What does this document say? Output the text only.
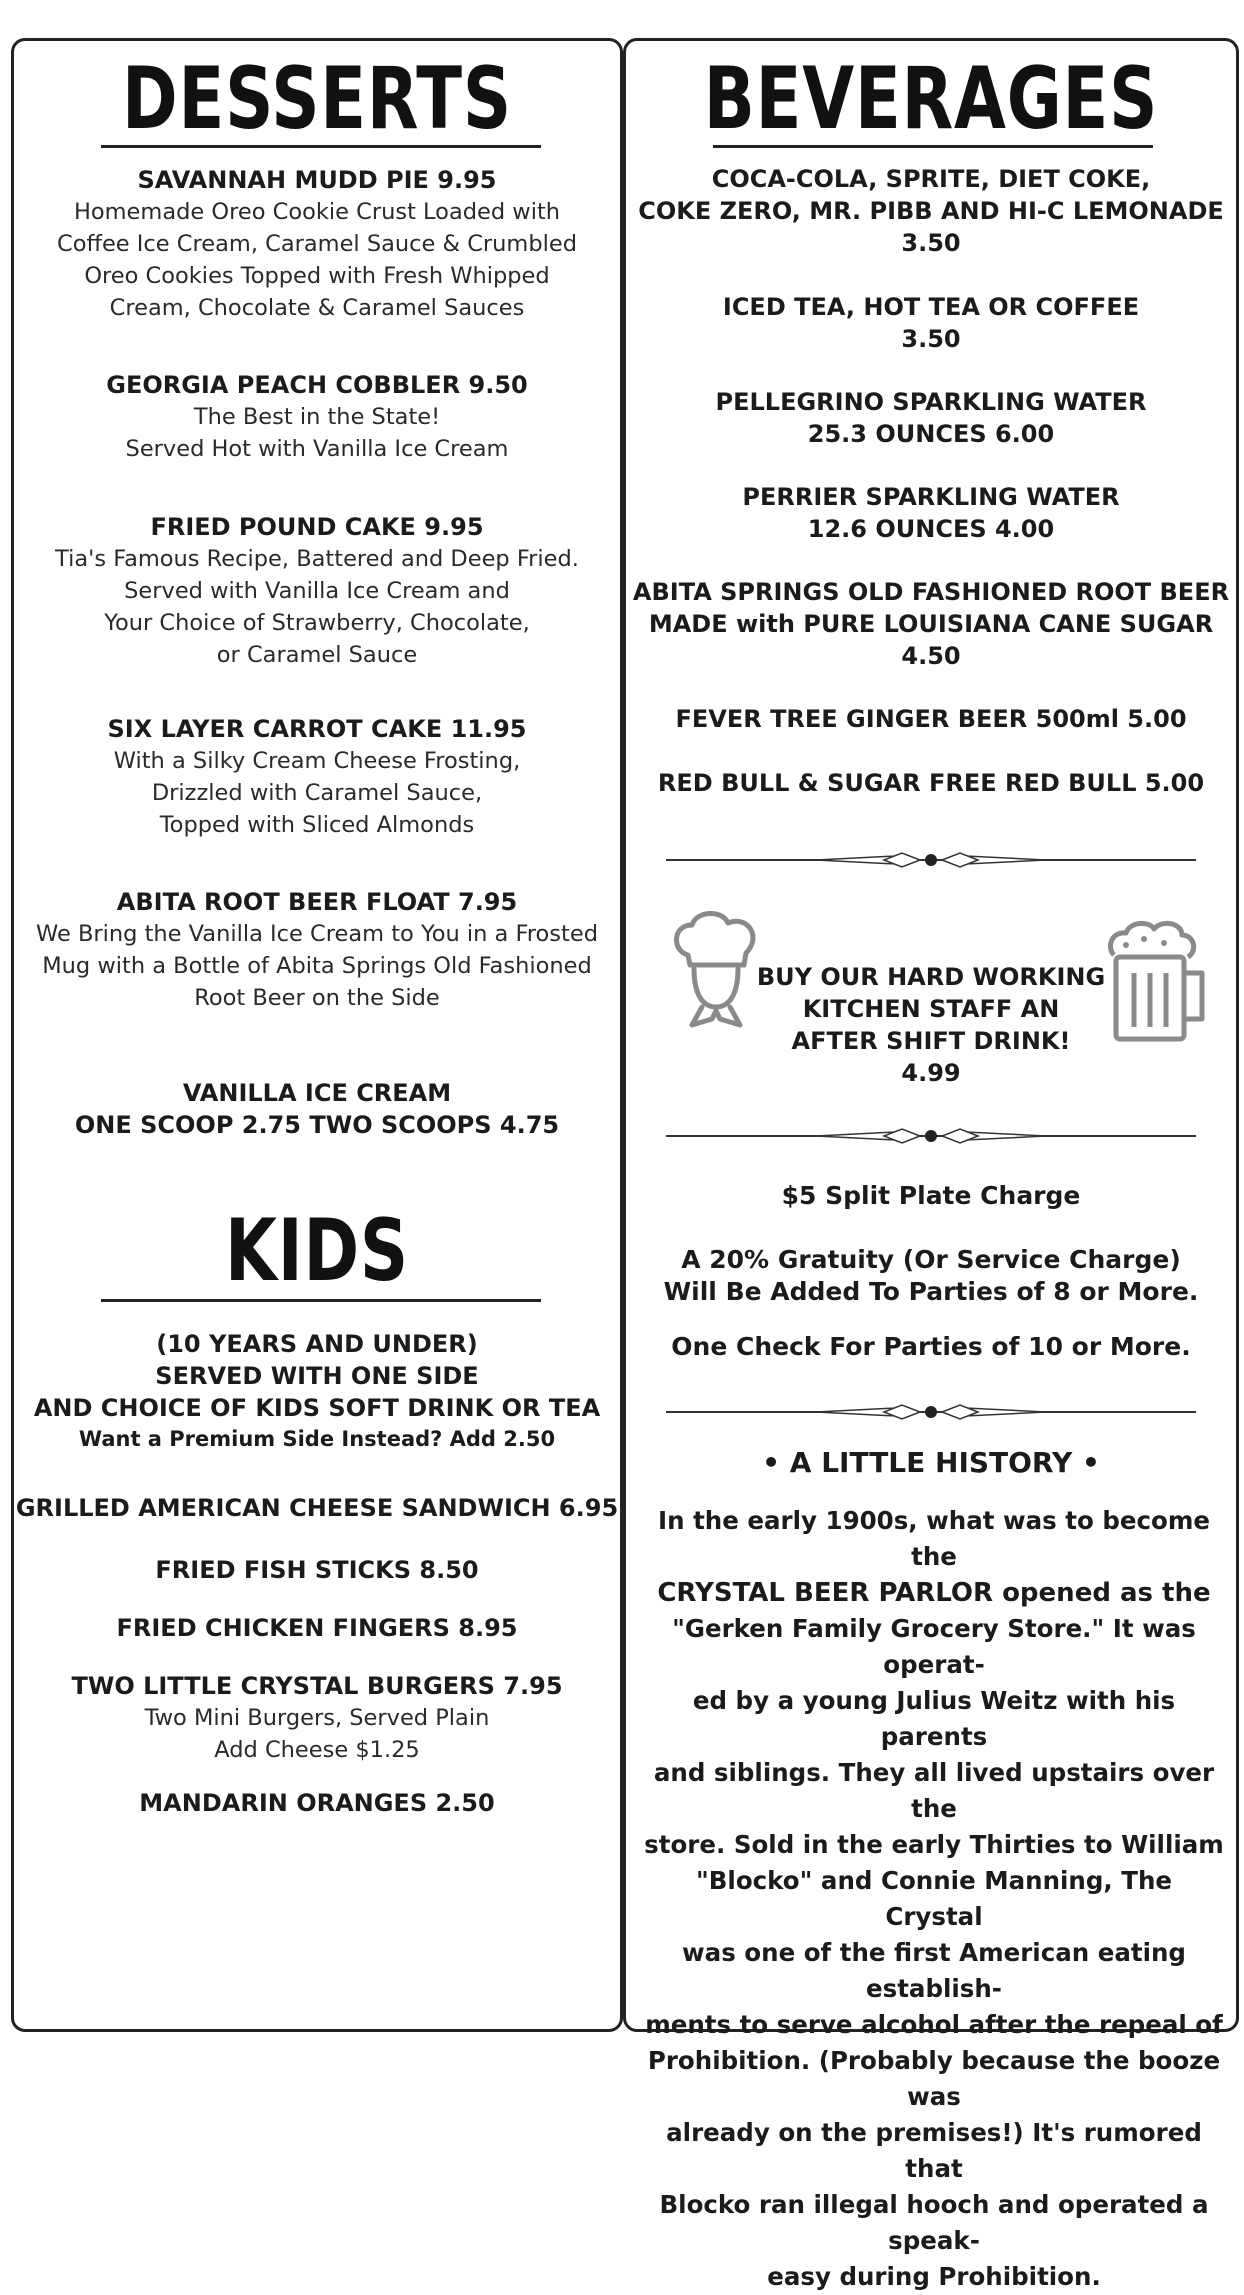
DESSERTS
SAVANNAH MUDD PIE 9.95
Homemade Oreo Cookie Crust Loaded with
Coffee Ice Cream, Caramel Sauce & Crumbled
Oreo Cookies Topped with Fresh Whipped
Cream, Chocolate & Caramel Sauces
GEORGIA PEACH COBBLER 9.50
The Best in the State!
Served Hot with Vanilla Ice Cream
FRIED POUND CAKE 9.95
Tia's Famous Recipe, Battered and Deep Fried.
Served with Vanilla Ice Cream and
Your Choice of Strawberry, Chocolate,
or Caramel Sauce
SIX LAYER CARROT CAKE 11.95
With a Silky Cream Cheese Frosting,
Drizzled with Caramel Sauce,
Topped with Sliced Almonds
ABITA ROOT BEER FLOAT 7.95
We Bring the Vanilla Ice Cream to You in a Frosted
Mug with a Bottle of Abita Springs Old Fashioned
Root Beer on the Side
VANILLA ICE CREAM
ONE SCOOP 2.75 TWO SCOOPS 4.75
KIDS
(10 YEARS AND UNDER)
SERVED WITH ONE SIDE
AND CHOICE OF KIDS SOFT DRINK OR TEA
Want a Premium Side Instead? Add 2.50
GRILLED AMERICAN CHEESE SANDWICH 6.95
FRIED FISH STICKS 8.50
FRIED CHICKEN FINGERS 8.95
TWO LITTLE CRYSTAL BURGERS 7.95
Two Mini Burgers, Served Plain
Add Cheese $1.25
MANDARIN ORANGES 2.50
BEVERAGES
COCA-COLA, SPRITE, DIET COKE,
COKE ZERO, MR. PIBB AND HI-C LEMONADE
3.50
ICED TEA, HOT TEA OR COFFEE
3.50
PELLEGRINO SPARKLING WATER
25.3 OUNCES 6.00
PERRIER SPARKLING WATER
12.6 OUNCES 4.00
ABITA SPRINGS OLD FASHIONED ROOT BEER
MADE with PURE LOUISIANA CANE SUGAR
4.50
FEVER TREE GINGER BEER 500ml 5.00
RED BULL & SUGAR FREE RED BULL 5.00
BUY OUR HARD WORKING
KITCHEN STAFF AN
AFTER SHIFT DRINK!
4.99
$5 Split Plate Charge
A 20% Gratuity (Or Service Charge)
Will Be Added To Parties of 8 or More.
One Check For Parties of 10 or More.
• A LITTLE HISTORY •
In the early 1900s, what was to become the
CRYSTAL BEER PARLOR opened as the
"Gerken Family Grocery Store." It was operat-
ed by a young Julius Weitz with his parents
and siblings. They all lived upstairs over the
store. Sold in the early Thirties to William
"Blocko" and Connie Manning, The Crystal
was one of the first American eating establish-
ments to serve alcohol after the repeal of
Prohibition. (Probably because the booze was
already on the premises!) It's rumored that
Blocko ran illegal hooch and operated a speak-
easy during Prohibition.
